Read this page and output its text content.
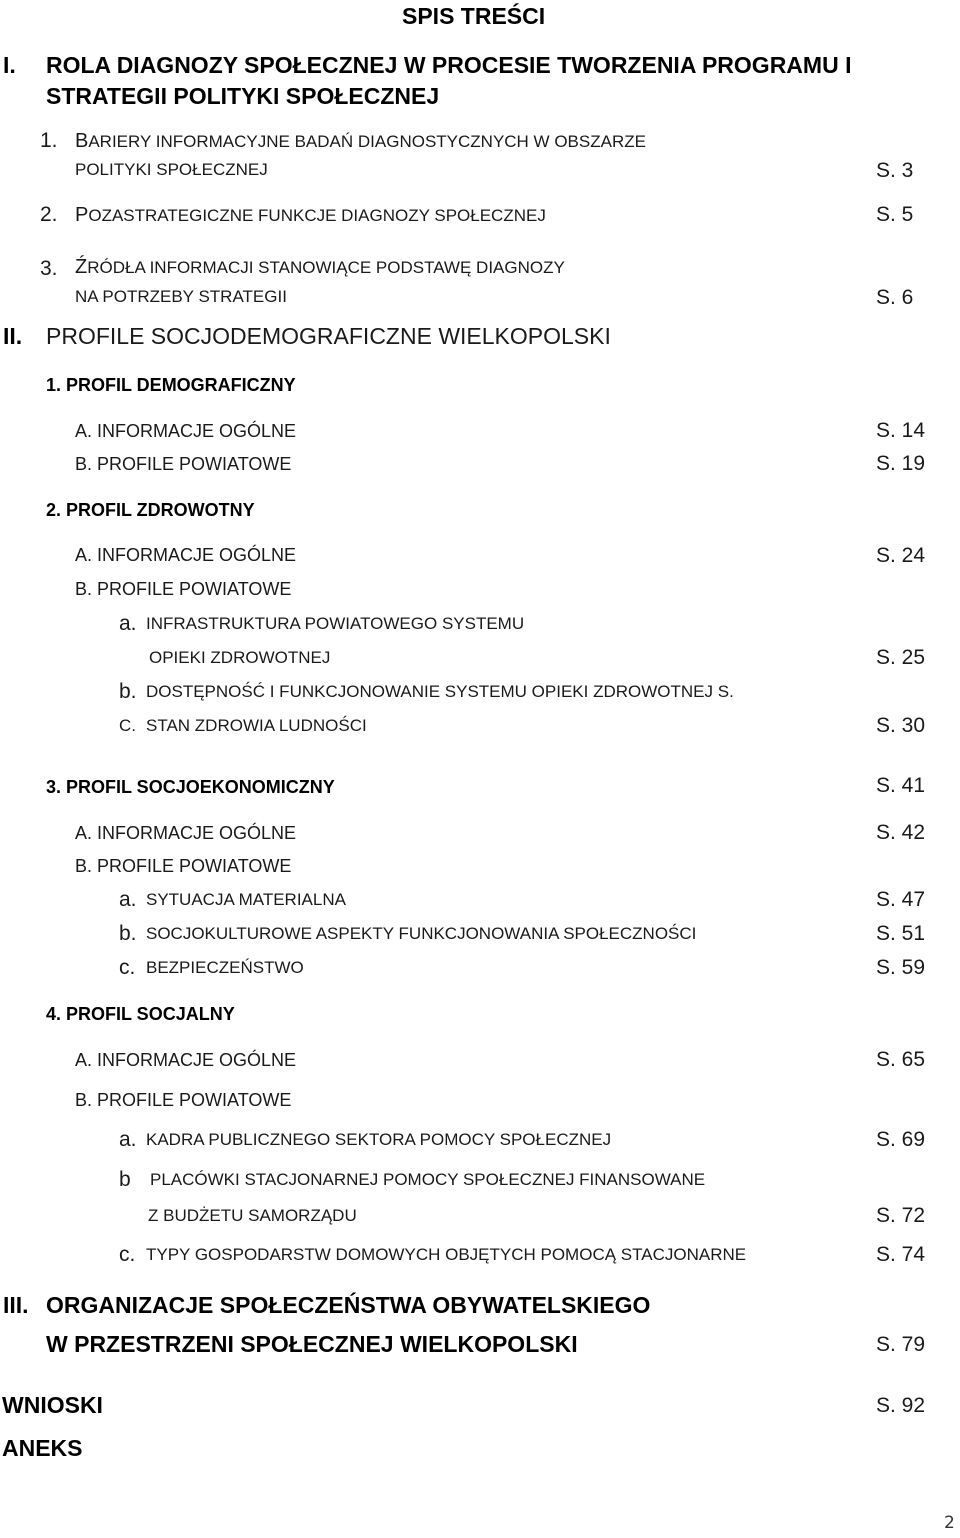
SPIS TREŚCI
I. ROLA DIAGNOZY SPOŁECZNEJ W PROCESIE TWORZENIA PROGRAMU I
STRATEGII POLITYKI SPOŁECZNEJ
1. BARIERY INFORMACYJNE BADAŃ DIAGNOSTYCZNYCH W OBSZARZE
POLITYKI SPOŁECZNEJ	S. 3
2. POZASTRATEGICZNE FUNKCJE DIAGNOZY SPOŁECZNEJ	S. 5
3. ŹRÓDŁA INFORMACJI STANOWIĄCE PODSTAWĘ DIAGNOZY
NA POTRZEBY STRATEGII	S. 6
II. PROFILE SOCJODEMOGRAFICZNE WIELKOPOLSKI
1. PROFIL DEMOGRAFICZNY
A. INFORMACJE OGÓLNE	S. 14
B. PROFILE POWIATOWE	S. 19
2. PROFIL ZDROWOTNY
A. INFORMACJE OGÓLNE	S. 24
B. PROFILE POWIATOWE
a. INFRASTRUKTURA POWIATOWEGO SYSTEMU
OPIEKI ZDROWOTNEJ	S. 25
b. DOSTĘPNOŚĆ I FUNKCJONOWANIE SYSTEMU OPIEKI ZDROWOTNEJ S.
C. STAN ZDROWIA LUDNOŚCI	S. 30
3. PROFIL SOCJOEKONOMICZNY	S. 41
A. INFORMACJE OGÓLNE	S. 42
B. PROFILE POWIATOWE
a. SYTUACJA MATERIALNA	S. 47
b. SOCJOKULTUROWE ASPEKTY FUNKCJONOWANIA SPOŁECZNOŚCI	S. 51
c. BEZPIECZEŃSTWO	S. 59
4. PROFIL SOCJALNY
A. INFORMACJE OGÓLNE	S. 65
B. PROFILE POWIATOWE
a. KADRA PUBLICZNEGO SEKTORA POMOCY SPOŁECZNEJ	S. 69
b PLACÓWKI STACJONARNEJ POMOCY SPOŁECZNEJ FINANSOWANE
Z BUDŻETU SAMORZĄDU	S. 72
c. TYPY GOSPODARSTW DOMOWYCH OBJĘTYCH POMOCĄ STACJONARNE	S. 74
III. ORGANIZACJE SPOŁECZEŃSTWA OBYWATELSKIEGO
W PRZESTRZENI SPOŁECZNEJ WIELKOPOLSKI	S. 79
WNIOSKI	S. 92
ANEKS
2
